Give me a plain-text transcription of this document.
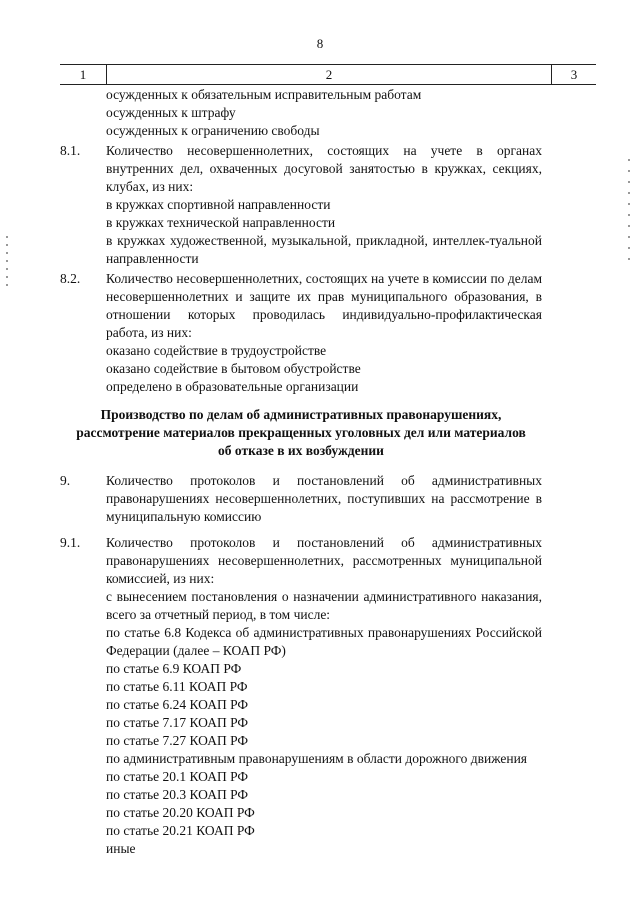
8
1	2	3

осужденных к обязательным исправительным работам

осужденных к штрафу

осужденных к ограничению свободы

8.1.	Количество несовершеннолетних, состоящих на учете в органах внутренних дел, охваченных досуговой занятостью в кружках, секциях, клубах, из них:

в кружках спортивной направленности

в кружках технической направленности

в кружках художественной, музыкальной, прикладной, интеллек-туальной направленности

8.2.	Количество несовершеннолетних, состоящих на учете в комиссии по делам несовершеннолетних и защите их прав муниципального образования, в отношении которых проводилась индивидуально-профилактическая работа, из них:

оказано содействие в трудоустройстве

оказано содействие в бытовом обустройстве

определено в образовательные организации

Производство по делам об административных правонарушениях,
рассмотрение материалов прекращенных уголовных дел или материалов
об отказе в их возбуждении
9.	Количество протоколов и постановлений об административных правонарушениях несовершеннолетних, поступивших на рассмотрение в муниципальную комиссию

9.1.	Количество протоколов и постановлений об административных правонарушениях несовершеннолетних, рассмотренных муниципальной комиссией, из них:

с вынесением постановления о назначении административного наказания, всего за отчетный период, в том числе:

по статье 6.8 Кодекса об административных правонарушениях Российской Федерации (далее – КОАП РФ)

по статье 6.9 КОАП РФ

по статье 6.11 КОАП РФ

по статье 6.24 КОАП РФ

по статье 7.17 КОАП РФ

по статье 7.27 КОАП РФ

по административным правонарушениям в области дорожного движения

по статье 20.1 КОАП РФ

по статье 20.3 КОАП РФ

по статье 20.20 КОАП РФ

по статье 20.21 КОАП РФ

иные
